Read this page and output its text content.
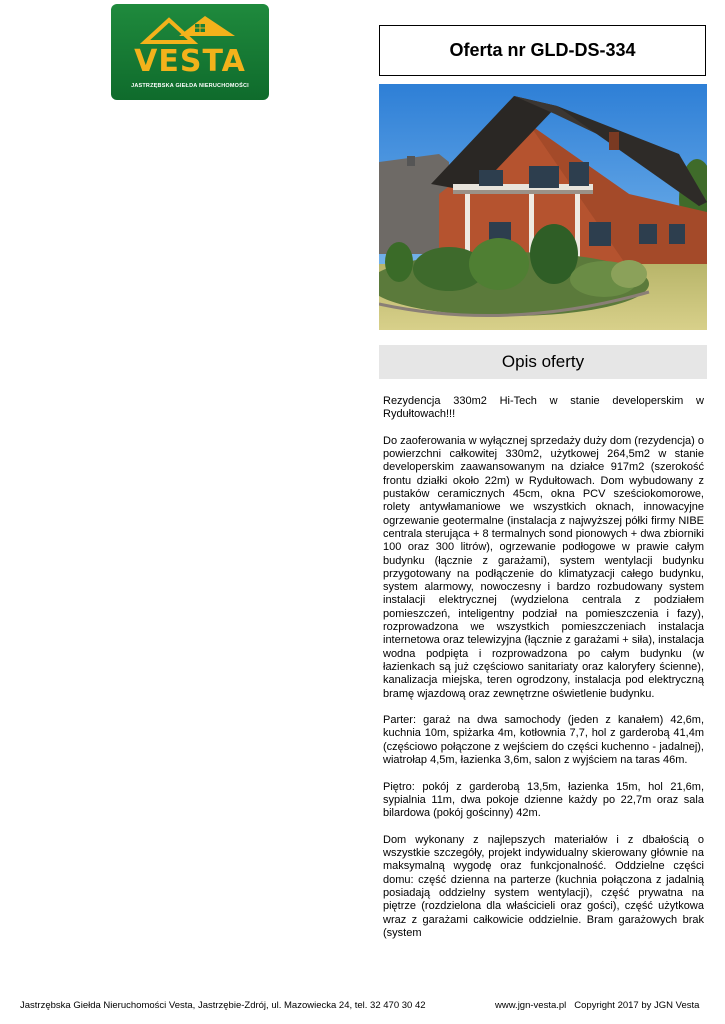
VESTA
JASTRZĘBSKA GIEŁDA NIERUCHOMOŚCI
Oferta nr GLD-DS-334
Opis oferty

Rezydencja 330m2 Hi-Tech w stanie developerskim w Rydułtowach!!!

Do zaoferowania w wyłącznej sprzedaży duży dom (rezydencja) o powierzchni całkowitej 330m2, użytkowej 264,5m2 w stanie developerskim zaawansowanym na działce 917m2 (szerokość frontu działki około 22m) w Rydułtowach. Dom wybudowany z pustaków ceramicznych 45cm, okna PCV sześciokomorowe, rolety antywłamaniowe we wszystkich oknach, innowacyjne ogrzewanie geotermalne (instalacja z najwyższej półki firmy NIBE centrala sterująca + 8 termalnych sond pionowych + dwa zbiorniki 100 oraz 300 litrów), ogrzewanie podłogowe w prawie całym budynku (łącznie z garażami), system wentylacji budynku przygotowany na podłączenie do klimatyzacji całego budynku, system alarmowy, nowoczesny i bardzo rozbudowany system instalacji elektrycznej (wydzielona centrala z podziałem pomieszczeń, inteligentny podział na pomieszczenia i fazy), rozprowadzona we wszystkich pomieszczeniach instalacja internetowa oraz telewizyjna (łącznie z garażami + siła), instalacja wodna podpięta i rozprowadzona po całym budynku (w łazienkach są już częściowo sanitariaty oraz kaloryfery ścienne), kanalizacja miejska, teren ogrodzony, instalacja pod elektryczną bramę wjazdową oraz zewnętrzne oświetlenie budynku.

Parter: garaż na dwa samochody (jeden z kanałem) 42,6m, kuchnia 10m, spiżarka 4m, kotłownia 7,7, hol z garderobą 41,4m (częściowo połączone z wejściem do części kuchenno - jadalnej), wiatrołap 4,5m, łazienka 3,6m, salon z wyjściem na taras 46m.

Piętro: pokój z garderobą 13,5m, łazienka 15m, hol 21,6m, sypialnia 11m, dwa pokoje dzienne każdy po 22,7m oraz sala bilardowa (pokój gościnny) 42m.

Dom wykonany z najlepszych materiałów i z dbałością o wszystkie szczegóły, projekt indywidualny skierowany głównie na maksymalną wygodę oraz funkcjonalność. Oddzielne części domu: część dzienna na parterze (kuchnia połączona z jadalnią posiadają oddzielny system wentylacji), część prywatna na piętrze (rozdzielona dla właścicieli oraz gości), część użytkowa wraz z garażami całkowicie oddzielnie. Bram garażowych brak (system

Jastrzębska Giełda Nieruchomości Vesta, Jastrzębie-Zdrój, ul. Mazowiecka 24, tel. 32 470 30 42	www.jgn-vesta.pl Copyright 2017 by JGN Vesta
